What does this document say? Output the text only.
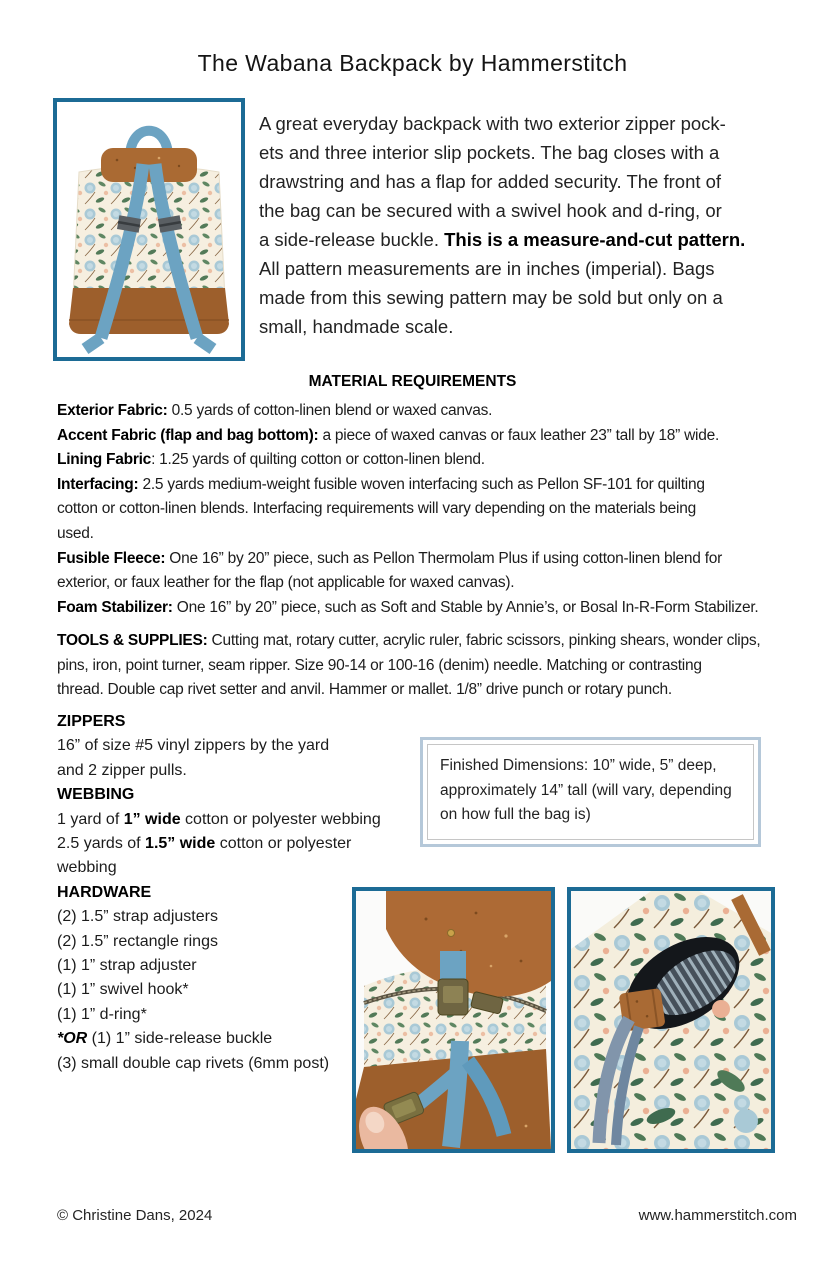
The Wabana Backpack by Hammerstitch
A great everyday backpack with two exterior zipper pock-
ets and three interior slip pockets. The bag closes with a
drawstring and has a flap for added security. The front of
the bag can be secured with a swivel hook and d-ring, or
a side-release buckle. This is a measure-and-cut pattern.
All pattern measurements are in inches (imperial). Bags
made from this sewing pattern may be sold but only on a
small, handmade scale.
MATERIAL REQUIREMENTS
Exterior Fabric: 0.5 yards of cotton-linen blend or waxed canvas.
Accent Fabric (flap and bag bottom): a piece of waxed canvas or faux leather 23” tall by 18” wide.
Lining Fabric: 1.25 yards of quilting cotton or cotton-linen blend.
Interfacing: 2.5 yards medium-weight fusible woven interfacing such as Pellon SF-101 for quilting
cotton or cotton-linen blends. Interfacing requirements will vary depending on the materials being
used.
Fusible Fleece: One 16” by 20” piece, such as Pellon Thermolam Plus if using cotton-linen blend for
exterior, or faux leather for the flap (not applicable for waxed canvas).
Foam Stabilizer: One 16” by 20” piece, such as Soft and Stable by Annie’s, or Bosal In-R-Form Stabilizer.
TOOLS & SUPPLIES: Cutting mat, rotary cutter, acrylic ruler, fabric scissors, pinking shears, wonder clips,
pins, iron, point turner, seam ripper. Size 90-14 or 100-16 (denim) needle. Matching or contrasting
thread. Double cap rivet setter and anvil. Hammer or mallet. 1/8” drive punch or rotary punch.
ZIPPERS
16” of size #5 vinyl zippers by the yard
and 2 zipper pulls.
WEBBING
1 yard of 1” wide cotton or polyester webbing
2.5 yards of 1.5” wide cotton or polyester
webbing
HARDWARE
(2) 1.5” strap adjusters
(2) 1.5” rectangle rings
(1) 1” strap adjuster
(1) 1” swivel hook*
(1) 1” d-ring*
*OR (1) 1” side-release buckle
(3) small double cap rivets (6mm post)
Finished Dimensions: 10” wide, 5” deep, approximately 14” tall (will vary, depending on how full the bag is)
© Christine Dans, 2024	www.hammerstitch.com
